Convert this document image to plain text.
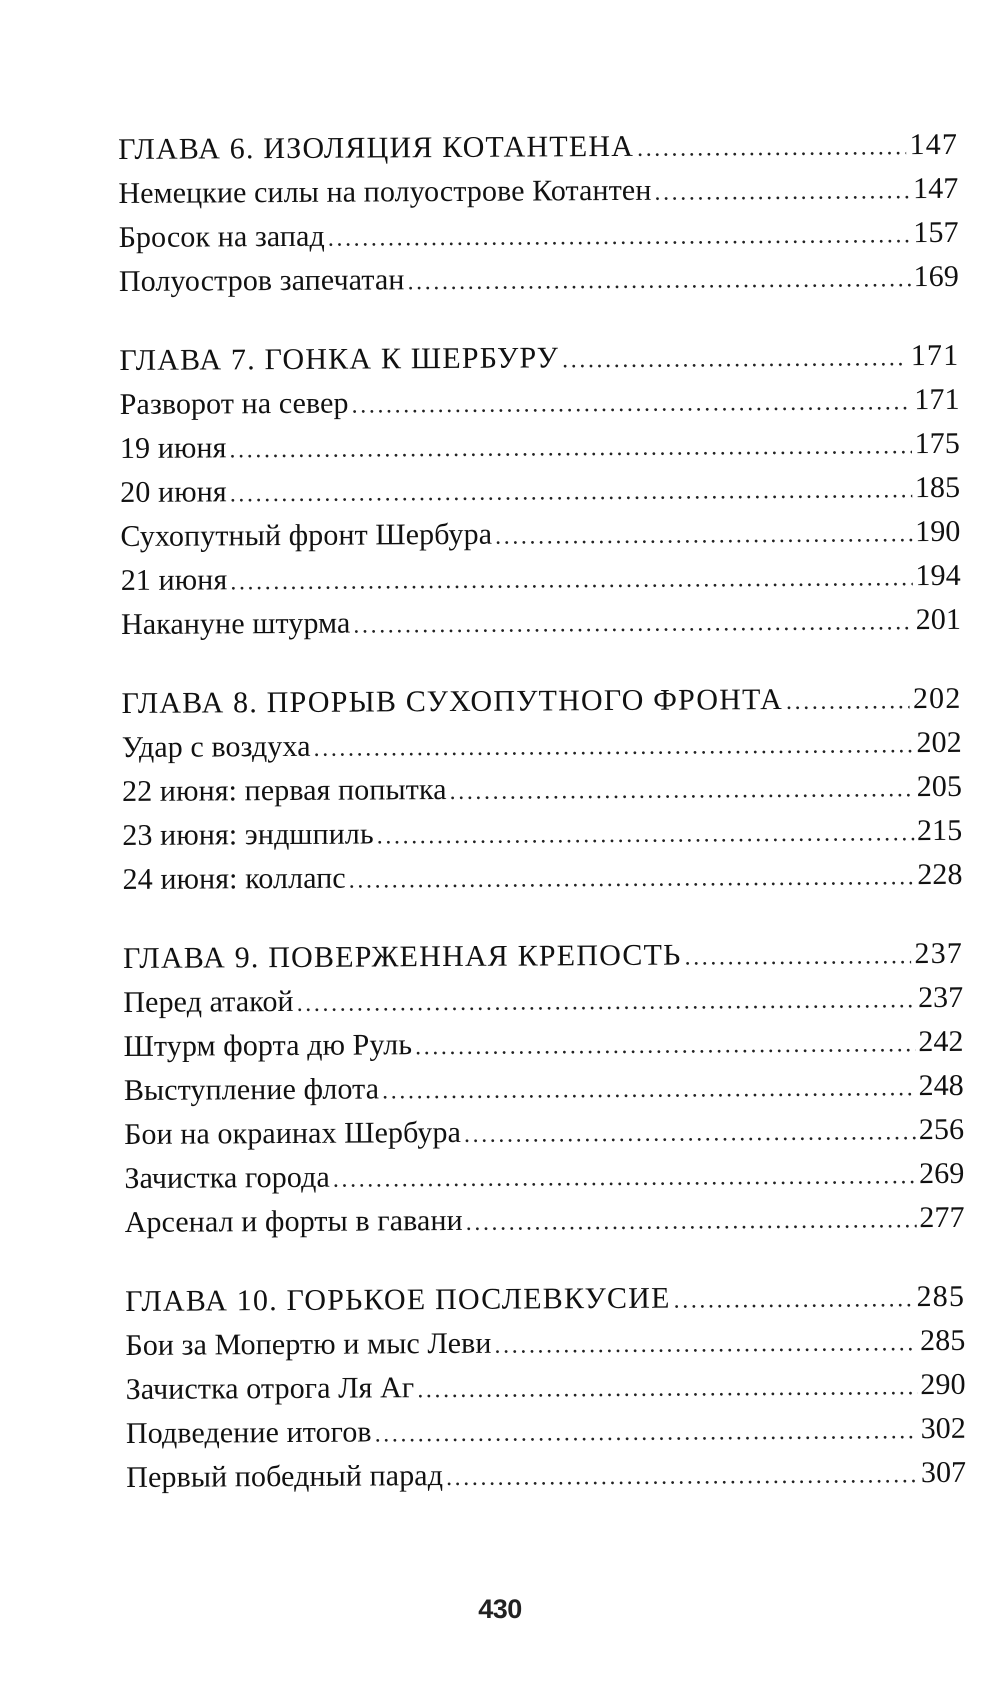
ГЛАВА 6. ИЗОЛЯЦИЯ КОТАНТЕНА .....	147
Немецкие силы на полуострове Котантен .....	147
Бросок на запад .....	157
Полуостров запечатан .....	169
ГЛАВА 7. ГОНКА К ШЕРБУРУ .....	171
Разворот на север .....	171
19 июня .....	175
20 июня .....	185
Сухопутный фронт Шербура .....	190
21 июня .....	194
Накануне штурма .....	201
ГЛАВА 8. ПРОРЫВ СУХОПУТНОГО ФРОНТА .....	202
Удар с воздуха .....	202
22 июня: первая попытка .....	205
23 июня: эндшпиль .....	215
24 июня: коллапс .....	228
ГЛАВА 9. ПОВЕРЖЕННАЯ КРЕПОСТЬ .....	237
Перед атакой .....	237
Штурм форта дю Руль .....	242
Выступление флота .....	248
Бои на окраинах Шербура .....	256
Зачистка города .....	269
Арсенал и форты в гавани .....	277
ГЛАВА 10. ГОРЬКОЕ ПОСЛЕВКУСИЕ .....	285
Бои за Мопертю и мыс Леви .....	285
Зачистка отрога Ля Аг .....	290
Подведение итогов .....	302
Первый победный парад .....	307
430
